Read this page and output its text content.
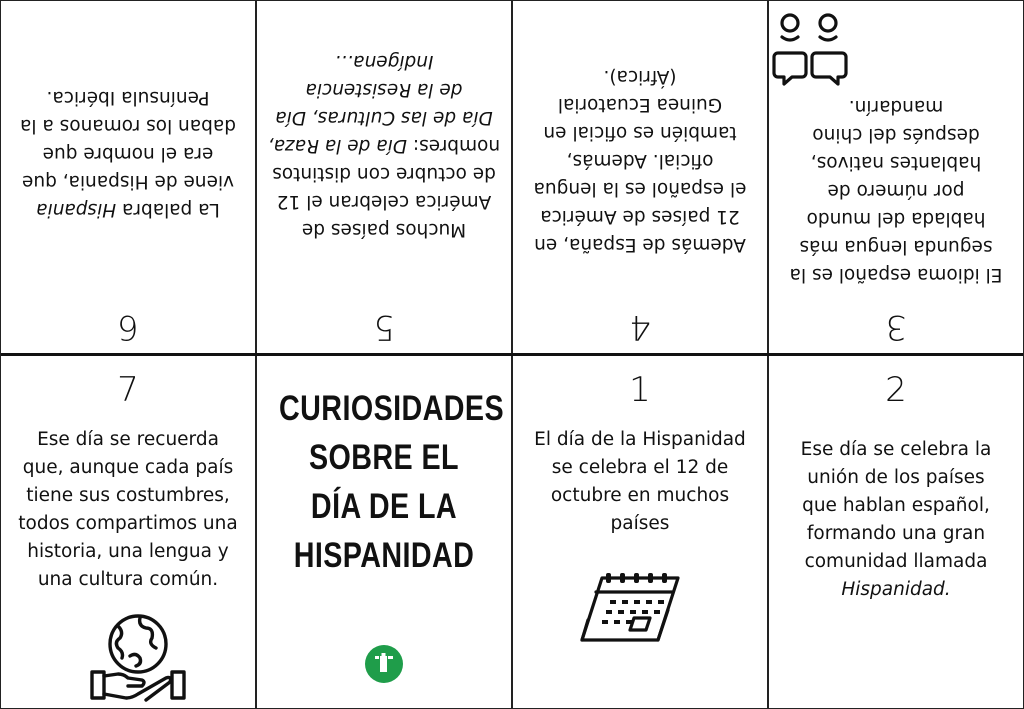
6
La palabra Hispania
viene de Hispania, que
era el nombre que
daban los romanos a la
Península Ibérica.
5
Muchos países de
América celebran el 12
de octubre con distintos
nombres: Día de la Raza,
Día de las Culturas, Día
de la Resistencia
Indígena…
4
Además de España, en
21 países de América
el español es la lengua
oficial. Además,
también es oficial en
Guinea Ecuatorial
(África).
3
El idioma español es la
segunda lengua más
hablada del mundo
por número de
hablantes nativos,
después del chino
mandarín.
7
Ese día se recuerda
que, aunque cada país
tiene sus costumbres,
todos compartimos una
historia, una lengua y
una cultura común.
CURIOSIDADES
SOBRE EL
DÍA DE LA
HISPANIDAD
1
El día de la Hispanidad
se celebra el 12 de
octubre en muchos
países
2
Ese día se celebra la
unión de los países
que hablan español,
formando una gran
comunidad llamada
Hispanidad.
